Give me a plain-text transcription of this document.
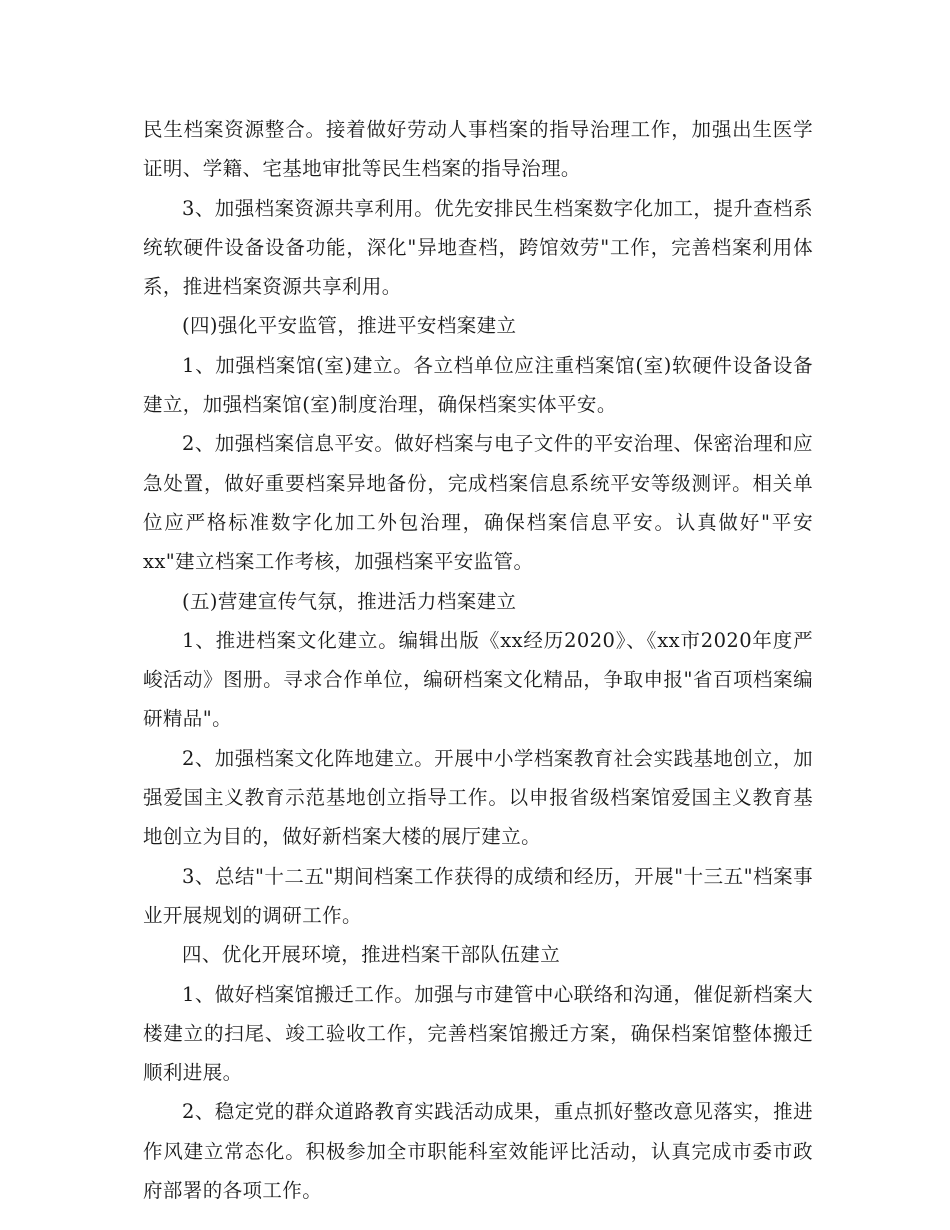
民生档案资源整合。接着做好劳动人事档案的指导治理工作，加强出生医学证明、学籍、宅基地审批等民生档案的指导治理。

3、加强档案资源共享利用。优先安排民生档案数字化加工，提升查档系统软硬件设备设备功能，深化"异地查档，跨馆效劳"工作，完善档案利用体系，推进档案资源共享利用。

(四)强化平安监管，推进平安档案建立

1、加强档案馆(室)建立。各立档单位应注重档案馆(室)软硬件设备设备建立，加强档案馆(室)制度治理，确保档案实体平安。

2、加强档案信息平安。做好档案与电子文件的平安治理、保密治理和应急处置，做好重要档案异地备份，完成档案信息系统平安等级测评。相关单位应严格标准数字化加工外包治理，确保档案信息平安。认真做好"平安xx"建立档案工作考核，加强档案平安监管。

(五)营建宣传气氛，推进活力档案建立

1、推进档案文化建立。编辑出版《xx经历2020》、《xx市2020年度严峻活动》图册。寻求合作单位，编研档案文化精品，争取申报"省百项档案编研精品"。

2、加强档案文化阵地建立。开展中小学档案教育社会实践基地创立，加强爱国主义教育示范基地创立指导工作。以申报省级档案馆爱国主义教育基地创立为目的，做好新档案大楼的展厅建立。

3、总结"十二五"期间档案工作获得的成绩和经历，开展"十三五"档案事业开展规划的调研工作。

四、优化开展环境，推进档案干部队伍建立

1、做好档案馆搬迁工作。加强与市建管中心联络和沟通，催促新档案大楼建立的扫尾、竣工验收工作，完善档案馆搬迁方案，确保档案馆整体搬迁顺利进展。

2、稳定党的群众道路教育实践活动成果，重点抓好整改意见落实，推进作风建立常态化。积极参加全市职能科室效能评比活动，认真完成市委市政府部署的各项工作。
